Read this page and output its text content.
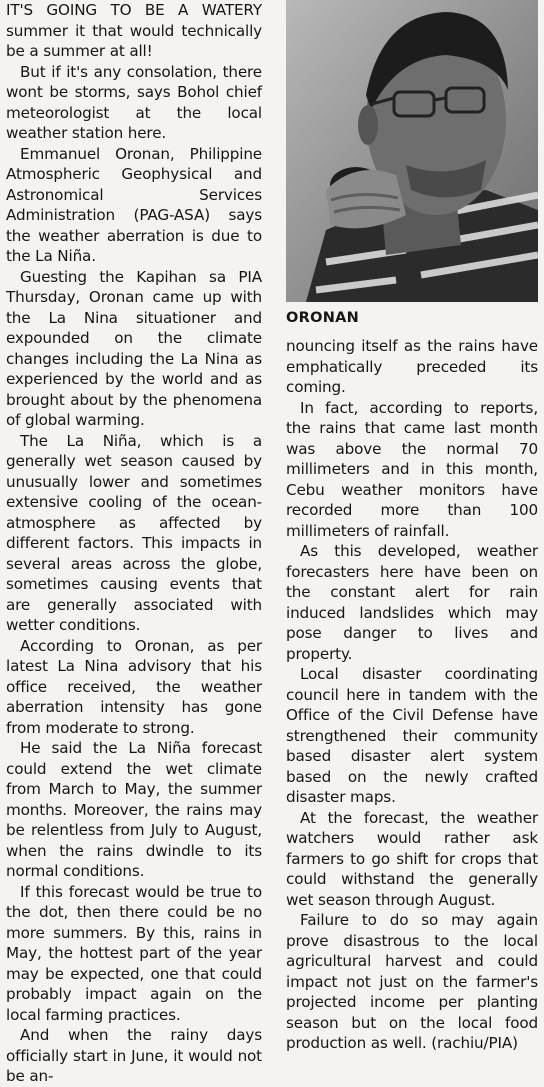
IT'S GOING TO BE A WATERY summer it that would technically be a summer at all!

But if it's any consolation, there wont be storms, says Bohol chief meteorologist at the local weather station here.

Emmanuel Oronan, Philippine Atmospheric Geophysical and Astronomical Services Administration (PAG-ASA) says the weather aberration is due to the La Niña.

Guesting the Kapihan sa PIA Thursday, Oronan came up with the La Nina situationer and expounded on the climate changes including the La Nina as experienced by the world and as brought about by the phenomena of global warming.

The La Niña, which is a generally wet season caused by unusually lower and sometimes extensive cooling of the ocean-atmosphere as affected by different factors. This impacts in several areas across the globe, sometimes causing events that are generally associated with wetter conditions.

According to Oronan, as per latest La Nina advisory that his office received, the weather aberration intensity has gone from moderate to strong.

He said the La Niña forecast could extend the wet climate from March to May, the summer months. Moreover, the rains may be relentless from July to August, when the rains dwindle to its normal conditions.

If this forecast would be true to the dot, then there could be no more summers. By this, rains in May, the hottest part of the year may be expected, one that could probably impact again on the local farming practices.

And when the rainy days officially start in June, it would not be an-

ORONAN

nouncing itself as the rains have emphatically preceded its coming.

In fact, according to reports, the rains that came last month was above the normal 70 millimeters and in this month, Cebu weather monitors have recorded more than 100 millimeters of rainfall.

As this developed, weather forecasters here have been on the constant alert for rain induced landslides which may pose danger to lives and property.

Local disaster coordinating council here in tandem with the Office of the Civil Defense have strengthened their community based disaster alert system based on the newly crafted disaster maps.

At the forecast, the weather watchers would rather ask farmers to go shift for crops that could withstand the generally wet season through August.

Failure to do so may again prove disastrous to the local agricultural harvest and could impact not just on the farmer's projected income per planting season but on the local food production as well. (rachiu/PIA)
